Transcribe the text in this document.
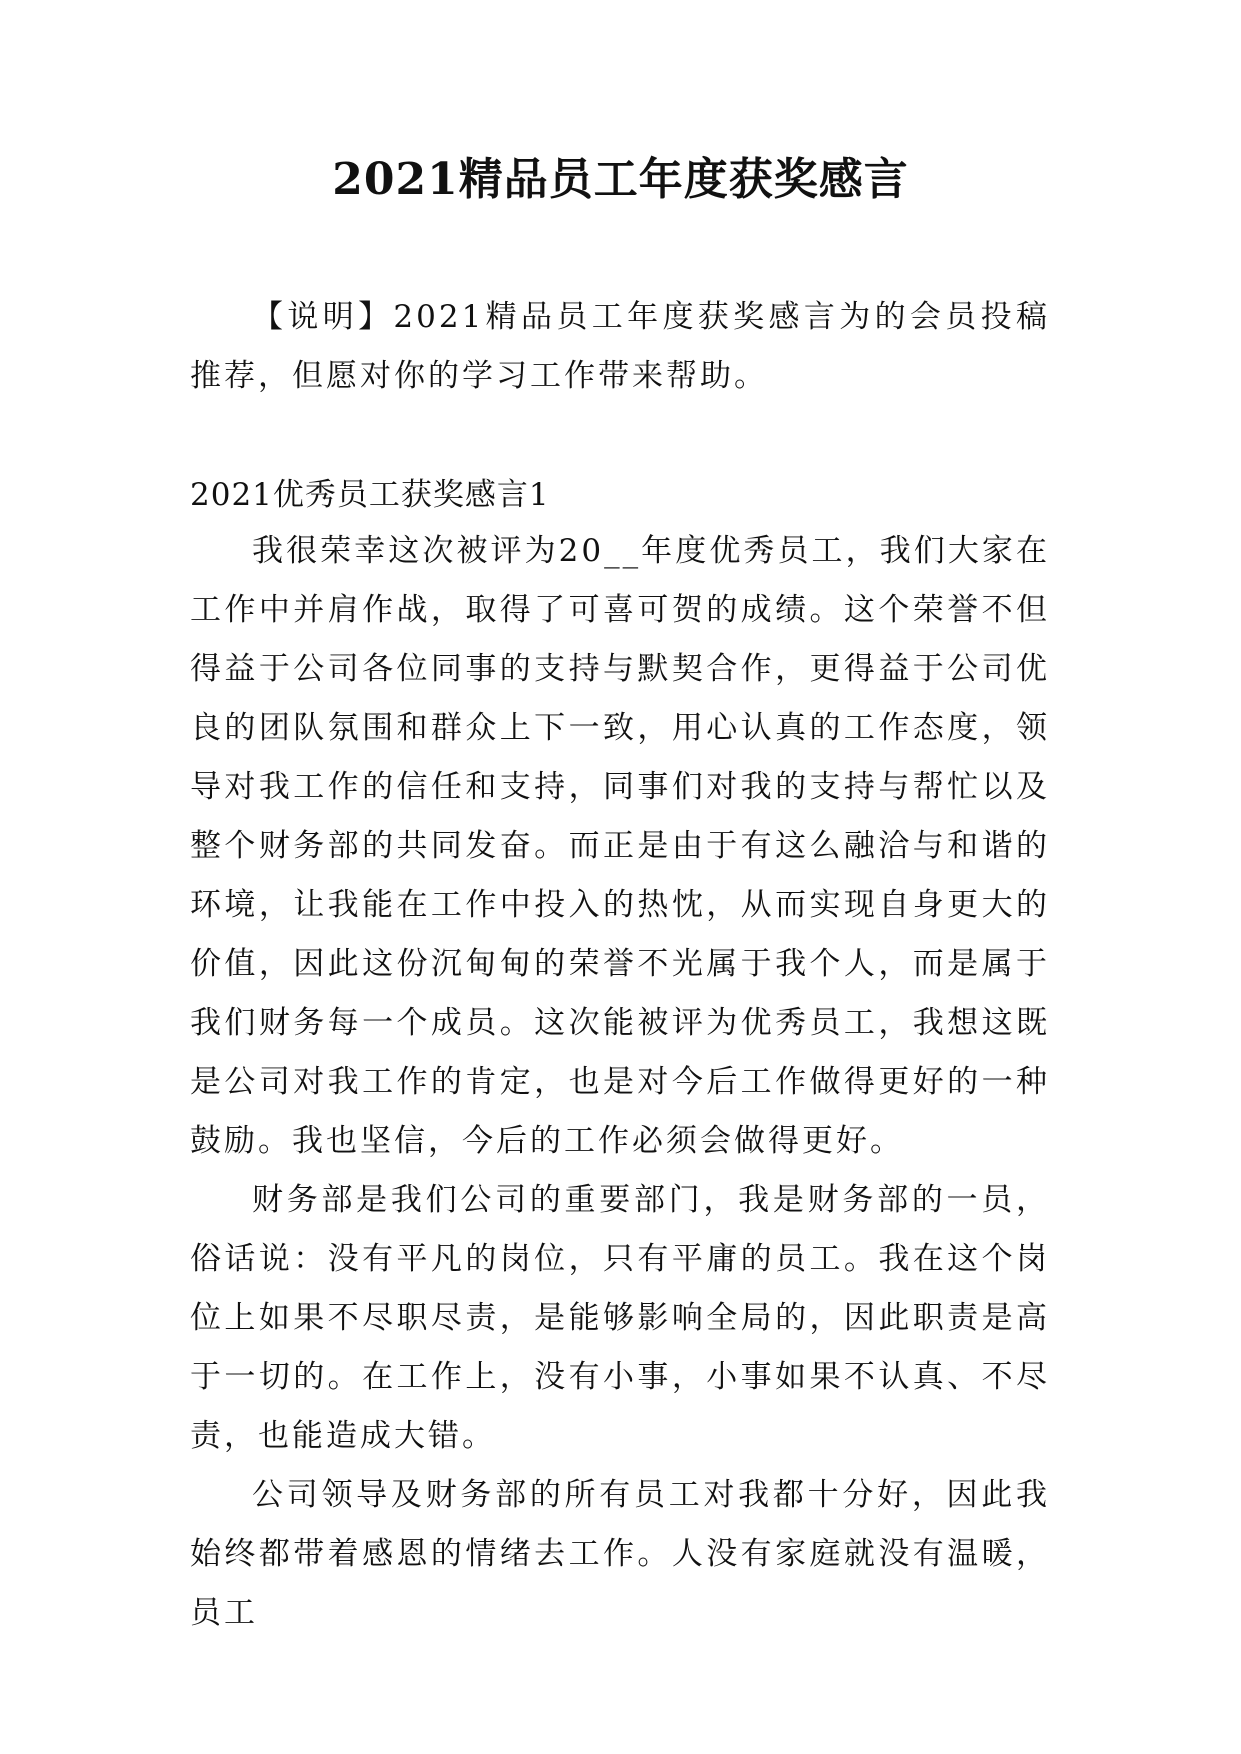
2021精品员工年度获奖感言

【说明】2021精品员工年度获奖感言为的会员投稿推荐，但愿对你的学习工作带来帮助。

2021优秀员工获奖感言1

我很荣幸这次被评为20__年度优秀员工，我们大家在工作中并肩作战，取得了可喜可贺的成绩。这个荣誉不但得益于公司各位同事的支持与默契合作，更得益于公司优良的团队氛围和群众上下一致，用心认真的工作态度，领导对我工作的信任和支持，同事们对我的支持与帮忙以及整个财务部的共同发奋。而正是由于有这么融洽与和谐的环境，让我能在工作中投入的热忱，从而实现自身更大的价值，因此这份沉甸甸的荣誉不光属于我个人，而是属于我们财务每一个成员。这次能被评为优秀员工，我想这既是公司对我工作的肯定，也是对今后工作做得更好的一种鼓励。我也坚信，今后的工作必须会做得更好。

财务部是我们公司的重要部门，我是财务部的一员，俗话说：没有平凡的岗位，只有平庸的员工。我在这个岗位上如果不尽职尽责，是能够影响全局的，因此职责是高于一切的。在工作上，没有小事，小事如果不认真、不尽责，也能造成大错。

公司领导及财务部的所有员工对我都十分好，因此我始终都带着感恩的情绪去工作。人没有家庭就没有温暖，员工
